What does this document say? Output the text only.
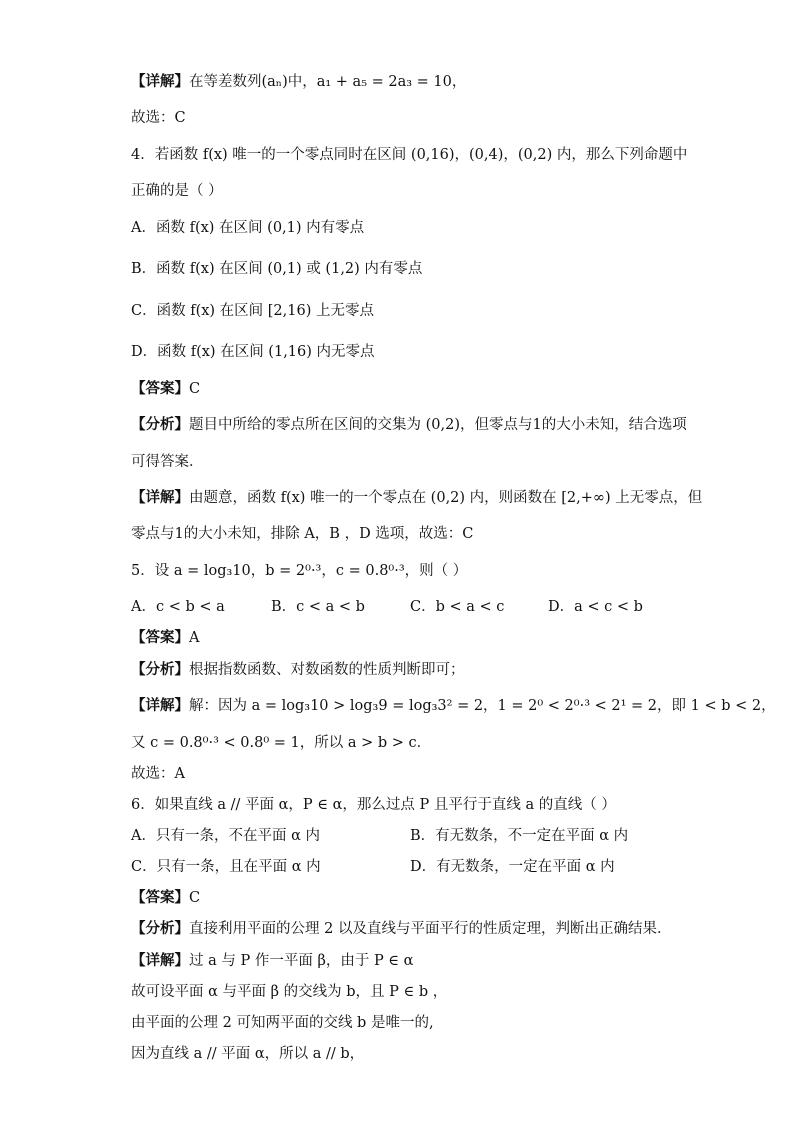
【详解】在等差数列(aₙ)中，a₁ + a₅ = 2a₃ = 10，
故选：C
4．若函数 f(x) 唯一的一个零点同时在区间 (0,16)，(0,4)，(0,2) 内，那么下列命题中
正确的是（ ）
A．函数 f(x) 在区间 (0,1) 内有零点
B．函数 f(x) 在区间 (0,1) 或 (1,2) 内有零点
C．函数 f(x) 在区间 [2,16) 上无零点
D．函数 f(x) 在区间 (1,16) 内无零点
【答案】C
【分析】题目中所给的零点所在区间的交集为 (0,2)，但零点与1的大小未知，结合选项
可得答案．
【详解】由题意，函数 f(x) 唯一的一个零点在 (0,2) 内，则函数在 [2,+∞) 上无零点，但
零点与1的大小未知，排除 A，B ，D 选项，故选：C
5．设 a = log₃10，b = 2⁰·³，c = 0.8⁰·³，则（ ）
A．c < b < a	B．c < a < b	C．b < a < c	D．a < c < b
【答案】A
【分析】根据指数函数、对数函数的性质判断即可；
【详解】解：因为 a = log₃10 > log₃9 = log₃3² = 2，1 = 2⁰ < 2⁰·³ < 2¹ = 2，即 1 < b < 2，
又 c = 0.8⁰·³ < 0.8⁰ = 1，所以 a > b > c．
故选：A
6．如果直线 a // 平面 α，P ∈ α，那么过点 P 且平行于直线 a 的直线（ ）
A．只有一条，不在平面 α 内	B．有无数条，不一定在平面 α 内
C．只有一条，且在平面 α 内	D．有无数条，一定在平面 α 内
【答案】C
【分析】直接利用平面的公理 2 以及直线与平面平行的性质定理，判断出正确结果．
【详解】过 a 与 P 作一平面 β，由于 P ∈ α
故可设平面 α 与平面 β 的交线为 b，且 P ∈ b ，
由平面的公理 2 可知两平面的交线 b 是唯一的,
因为直线 a // 平面 α，所以 a // b，
